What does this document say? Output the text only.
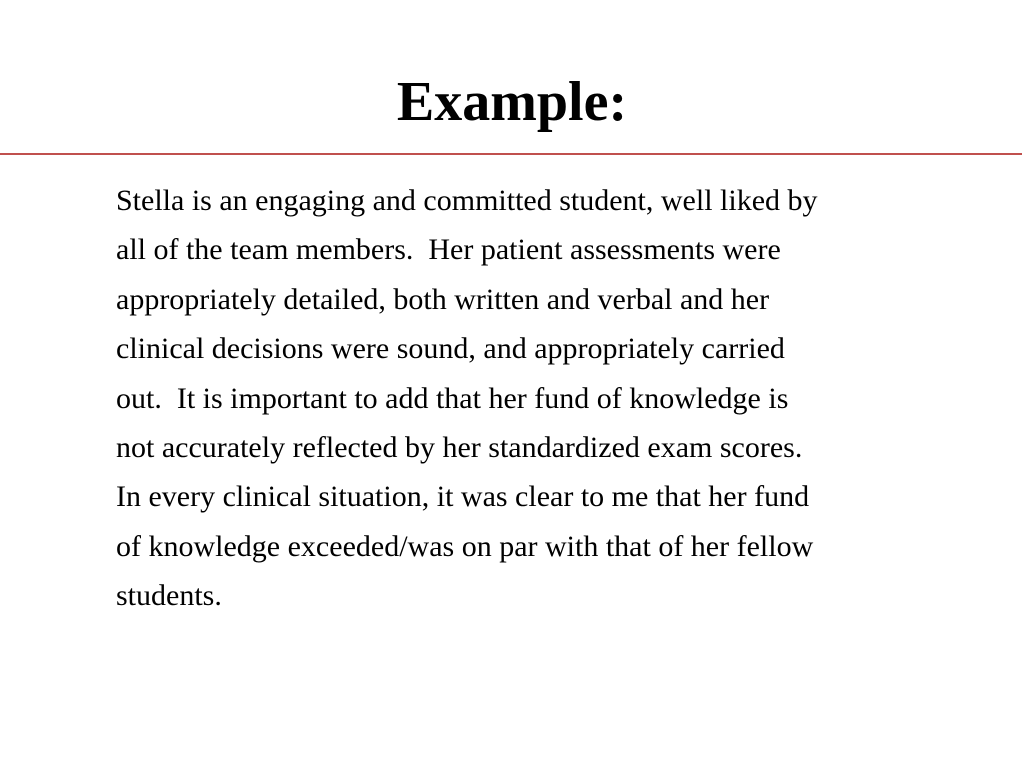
Example:
Stella is an engaging and committed student, well liked by
all of the team members.  Her patient assessments were
appropriately detailed, both written and verbal and her
clinical decisions were sound, and appropriately carried
out.  It is important to add that her fund of knowledge is
not accurately reflected by her standardized exam scores.
In every clinical situation, it was clear to me that her fund
of knowledge exceeded/was on par with that of her fellow
students.
